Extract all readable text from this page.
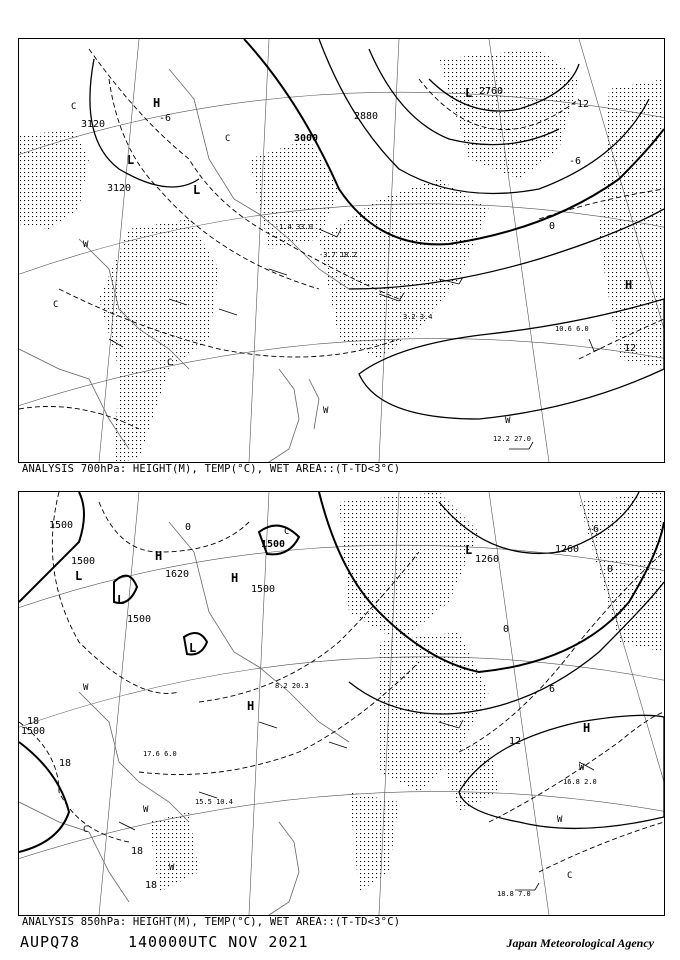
3120
3120
3000
2880
2760
-6
-12
-6
0
12
H
L
L
H
L
C
W
C
W
W
C
C
12.2 27.0
10.6 6.0
3.2 3.4
-3.7 18.2
-1.4 33.0
ANALYSIS 700hPa: HEIGHT(M), TEMP(°C), WET AREA::(T-TD<3°C)
1500
1500
1500
1500
1620
1500
1500
1260
1260
0
18
18
18
18
12
6
0
-6
0
L
L
H
L
H
L
H
H
C
W
W
C
W
C
W
W
18.8 7.0
16.8 2.0
17.6 6.0
15.5 10.4
8.2 20.3
ANALYSIS 850hPa: HEIGHT(M), TEMP(°C), WET AREA::(T-TD<3°C)
AUPQ78	140000UTC NOV 2021	Japan Meteorological Agency
